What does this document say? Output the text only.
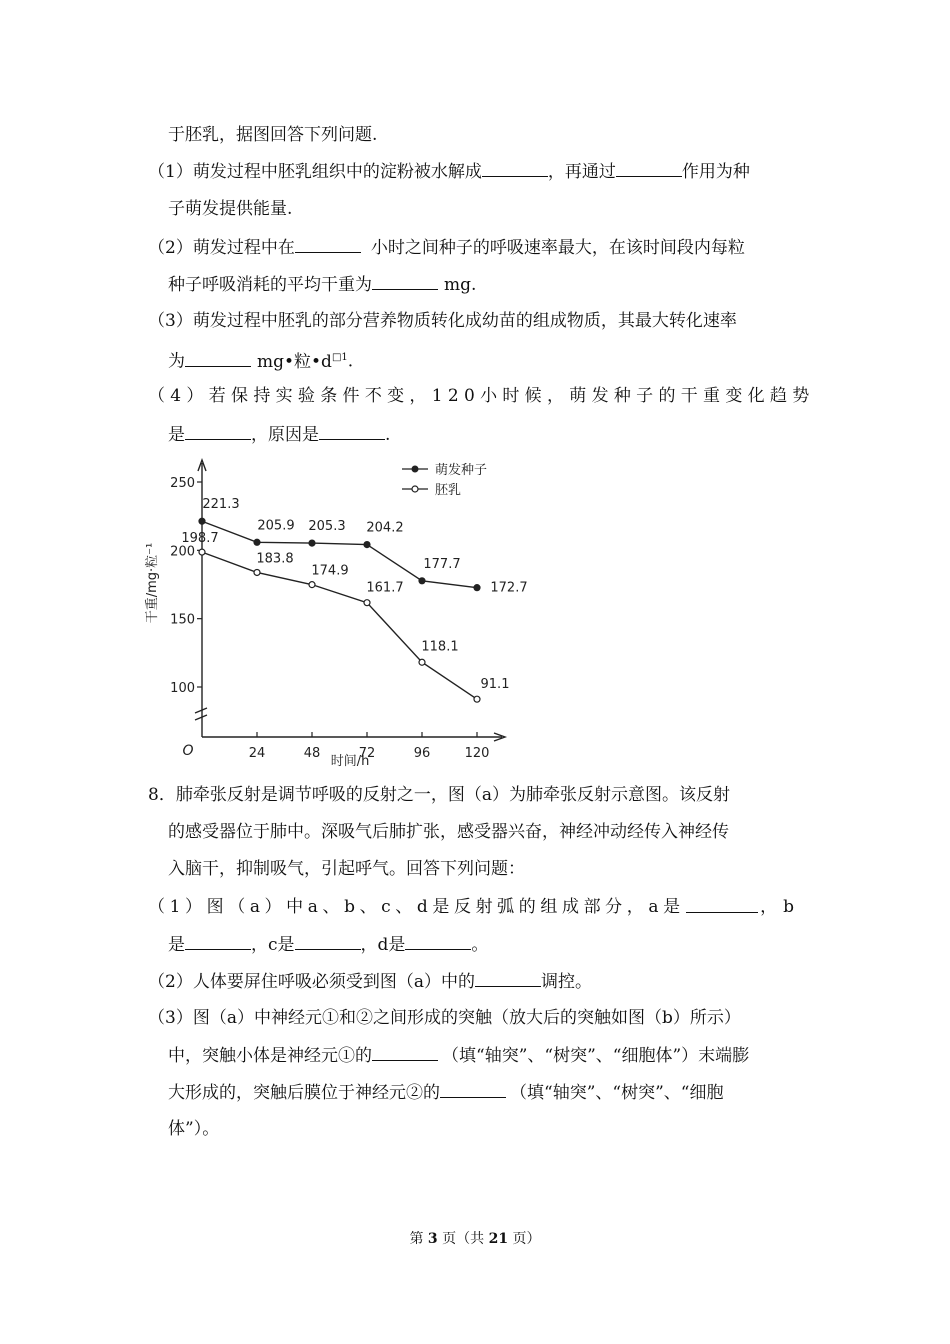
于胚乳，据图回答下列问题.
（1）萌发过程中胚乳组织中的淀粉被水解成	，再通过	作用为种
子萌发提供能量.
（2）萌发过程中在	小时之间种子的呼吸速率最大，在该时间段内每粒
种子呼吸消耗的平均干重为	mg.
（3）萌发过程中胚乳的部分营养物质转化成幼苗的组成物质，其最大转化速率
为	mg•粒$•d^{□1}$.
（4）若保持实验条件不变，120小时候，萌发种子的干重变化趋势
是	，原因是	.
250
200
150
100
24	48	72	96	120
O
时间/h
干重/mg·粒⁻¹
221.3
205.9 205.3 204.2
177.7
172.7
198.7
183.8
174.9
161.7
118.1
91.1
萌发种子
胚乳
8．肺牵张反射是调节呼吸的反射之一，图（a）为肺牵张反射示意图。该反射
的感受器位于肺中。深吸气后肺扩张，感受器兴奋，神经冲动经传入神经传
入脑干，抑制吸气，引起呼气。回答下列问题：
（1）图（a）中a、b、c、d是反射弧的组成部分，a是	，b
是	，c是	，d是	。
（2）人体要屏住呼吸必须受到图（a）中的	调控。
（3）图（a）中神经元①和②之间形成的突触（放大后的突触如图（b）所示）
中，突触小体是神经元①的	（填“轴突”、“树突”、“细胞体”）末端膨
大形成的，突触后膜位于神经元②的	（填“轴突”、“树突”、“细胞
体”）。
第 3 页（共 21 页）
